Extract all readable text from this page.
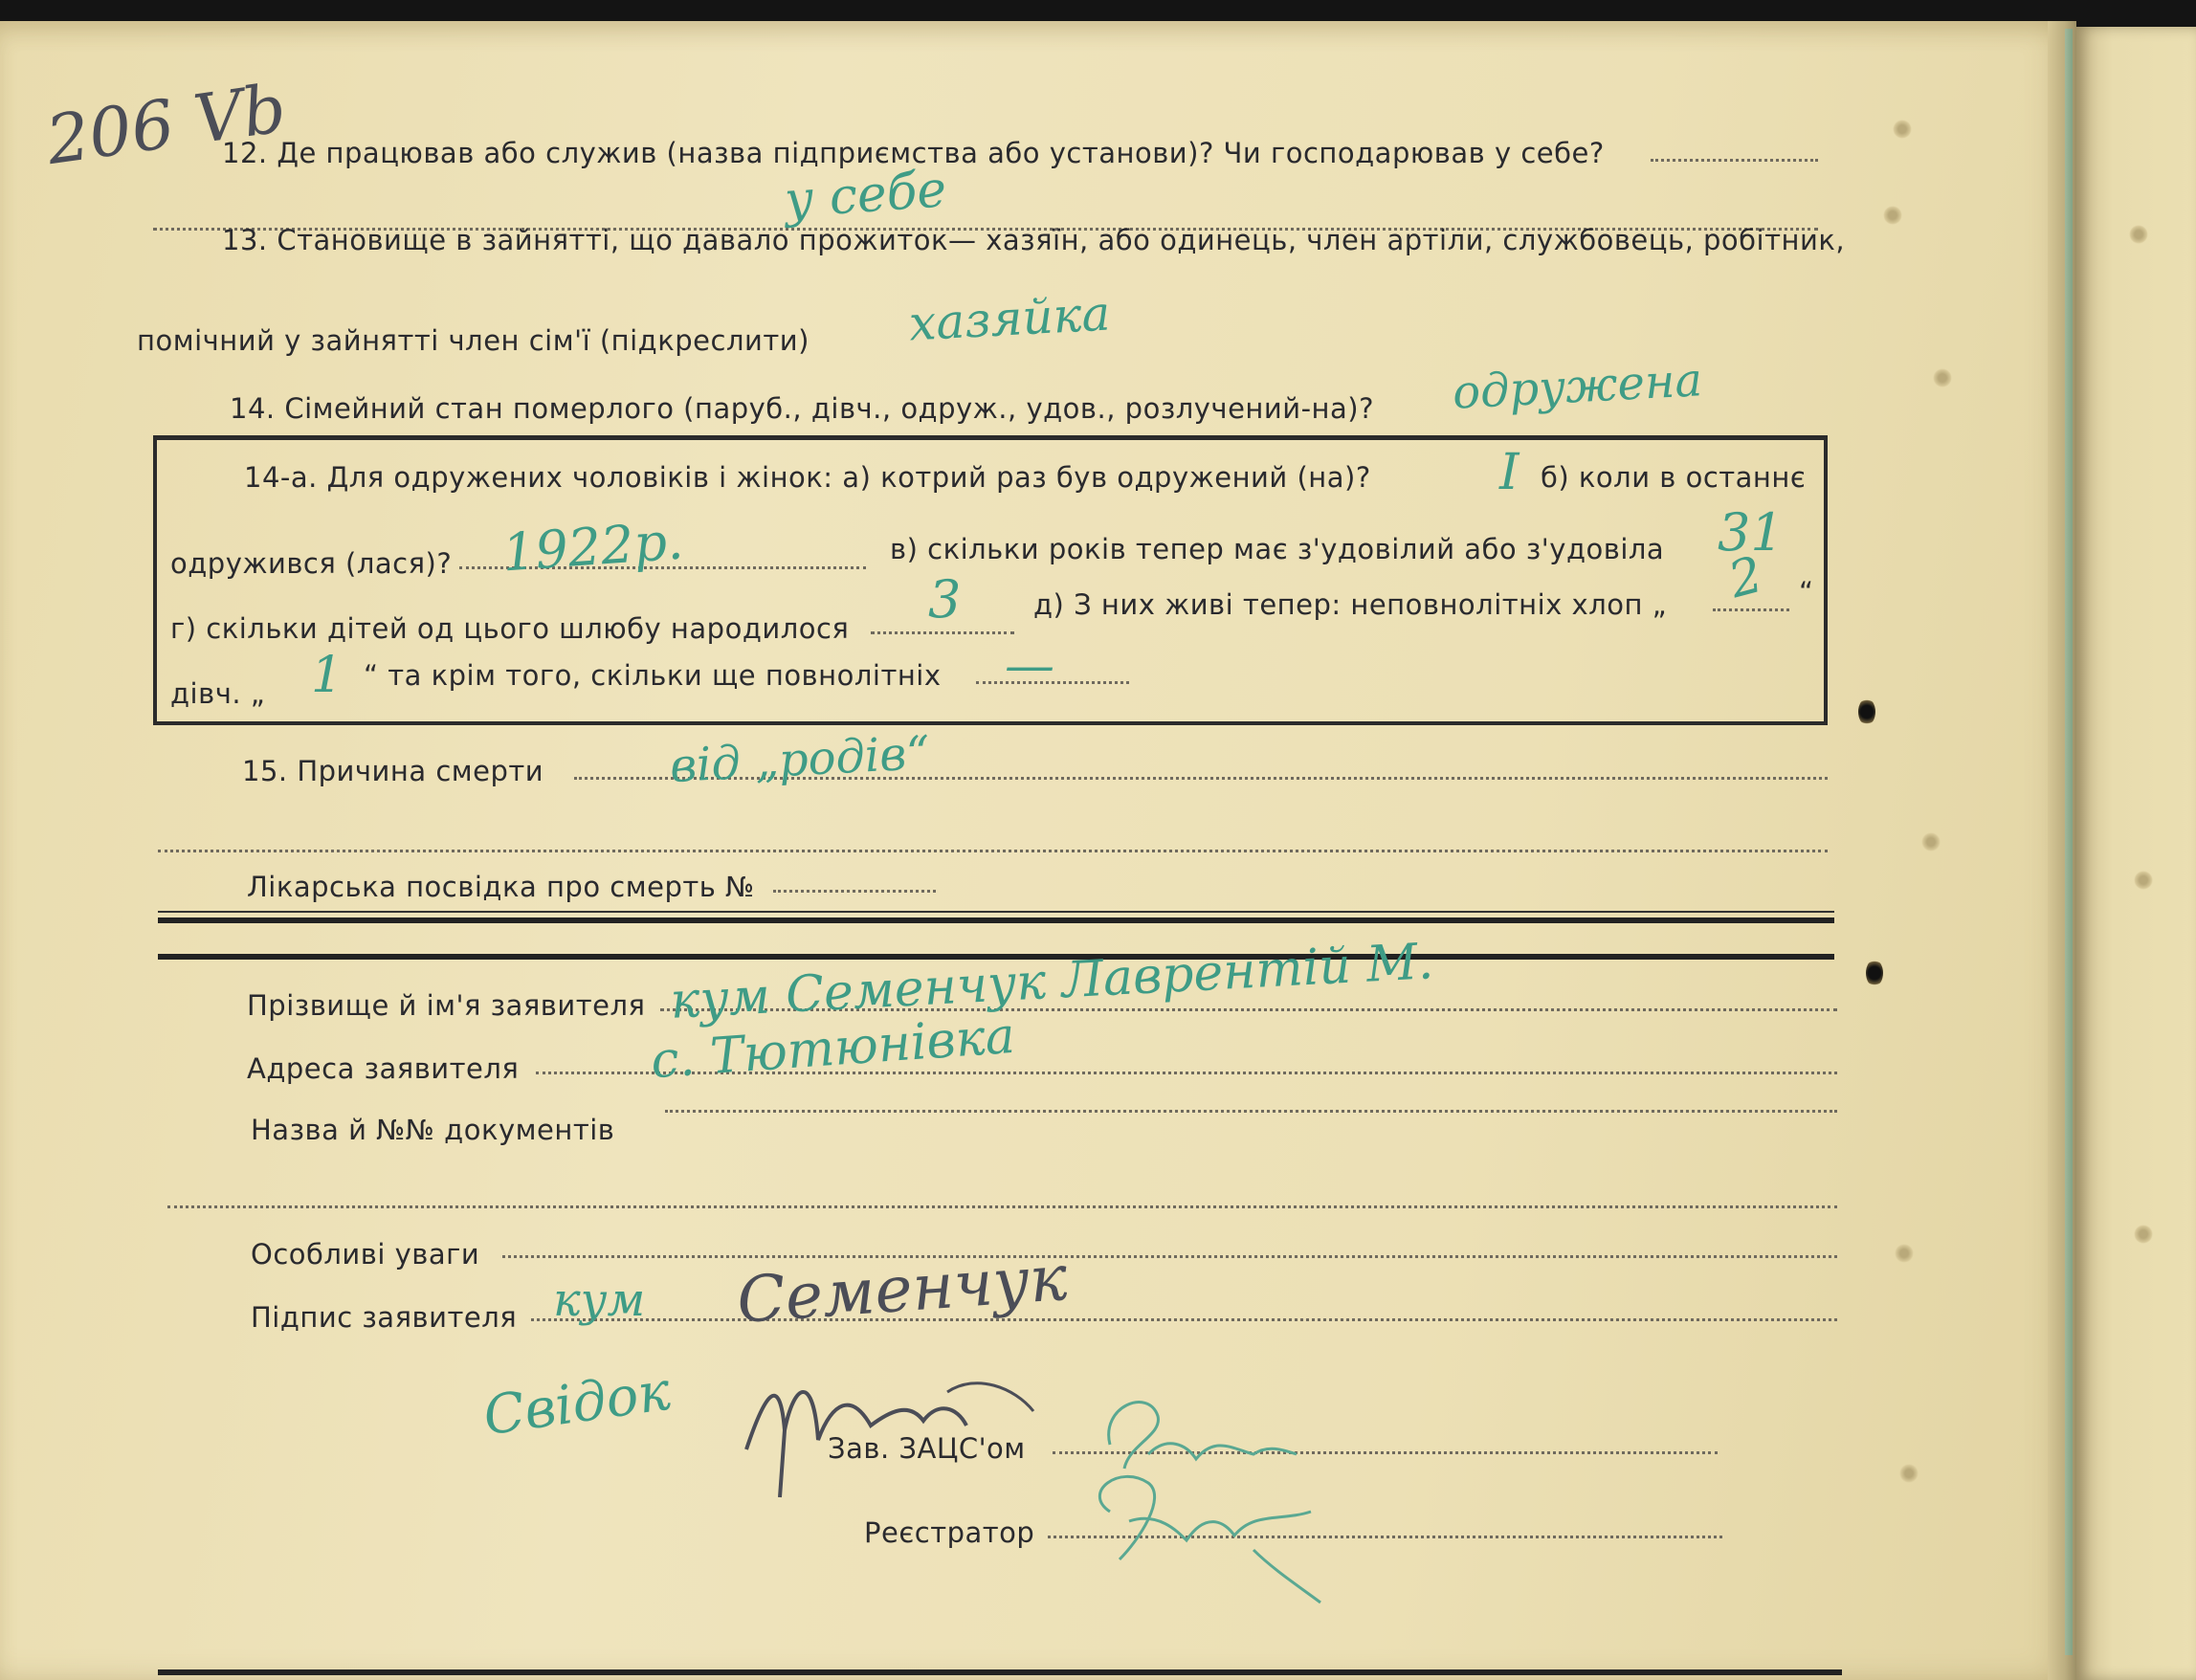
206 Vb
12. Де працював або служив (назва підприємства або установи)? Чи господарював у себе?
у себе
13. Становище в зайнятті, що давало прожиток— хазяїн, або одинець, член артіли, службовець, робітник,
помічний у зайнятті член сім'ї (підкреслити) хазяйка
14. Сімейний стан померлого (паруб., дівч., одруж., удов., розлучений-на)? одружена
14-а. Для одружених чоловіків і жінок: а) котрий раз був одружений (на)?	I б) коли в останнє
одружився (лася)? 1922р.	в) скільки років тепер має з'удовілий або з'удовіла 31
г) скільки дітей од цього шлюбу народилося 3	д) З них живі тепер: неповнолітніх хлоп „ 2 “
дівч. „ 1 “ та крім того, скільки ще повнолітніх —
15. Причина смерти	від „родів“
Лікарська посвідка про смерть №
Прізвище й ім'я заявителя кум Семенчук Лаврентій М.
Адреса заявителя	с. Тютюнівка
Назва й №№ документів
Особливі уваги
Підпис заявителя кум Семенчук
Свідок
Зав. ЗАЦС'ом
Реєстратор
